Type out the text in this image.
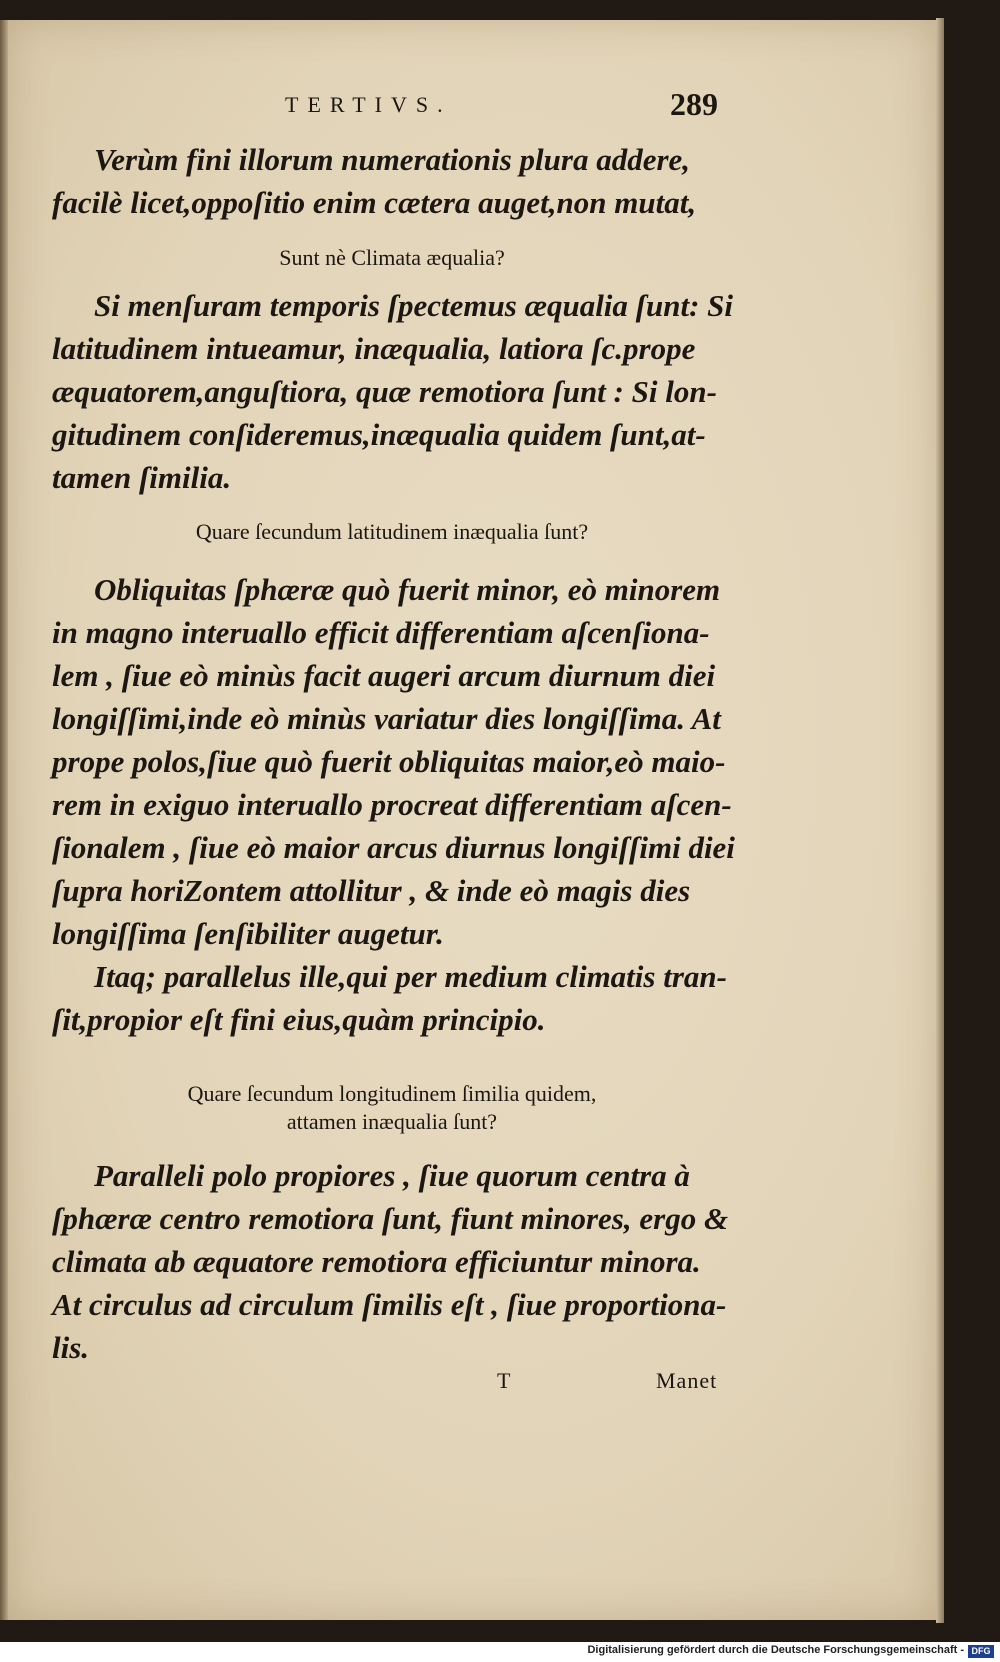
TERTIVS.	289

Verùm fini illorum numerationis plura addere,
facilè licet,oppoſitio enim cætera auget,non mutat,

Sunt nè Climata æqualia?

Si menſuram temporis ſpectemus æqualia ſunt: Si
latitudinem intueamur, inæqualia, latiora ſc.prope
æquatorem,anguſtiora, quæ remotiora ſunt : Si lon-
gitudinem conſideremus,inæqualia quidem ſunt,at-
tamen ſimilia.

Quare ſecundum latitudinem inæqualia ſunt?

Obliquitas ſphæræ quò fuerit minor, eò minorem
in magno interuallo efficit differentiam aſcenſiona-
lem , ſiue eò minùs facit augeri arcum diurnum diei
longiſſimi,inde eò minùs variatur dies longiſſima. At
prope polos,ſiue quò fuerit obliquitas maior,eò maio-
rem in exiguo interuallo procreat differentiam aſcen-
ſionalem , ſiue eò maior arcus diurnus longiſſimi diei
ſupra horiZontem attollitur , & inde eò magis dies
longiſſima ſenſibiliter augetur.
Itaq; parallelus ille,qui per medium climatis tran-
ſit,propior eſt fini eius,quàm principio.

Quare ſecundum longitudinem ſimilia quidem,
attamen inæqualia ſunt?

Paralleli polo propiores , ſiue quorum centra à
ſphæræ centro remotiora ſunt, fiunt minores, ergo &
climata ab æquatore remotiora efficiuntur minora.
At circulus ad circulum ſimilis eſt , ſiue proportiona-
lis.

T	Manet
Digitalisierung gefördert durch die Deutsche Forschungsgemeinschaft - DFG
